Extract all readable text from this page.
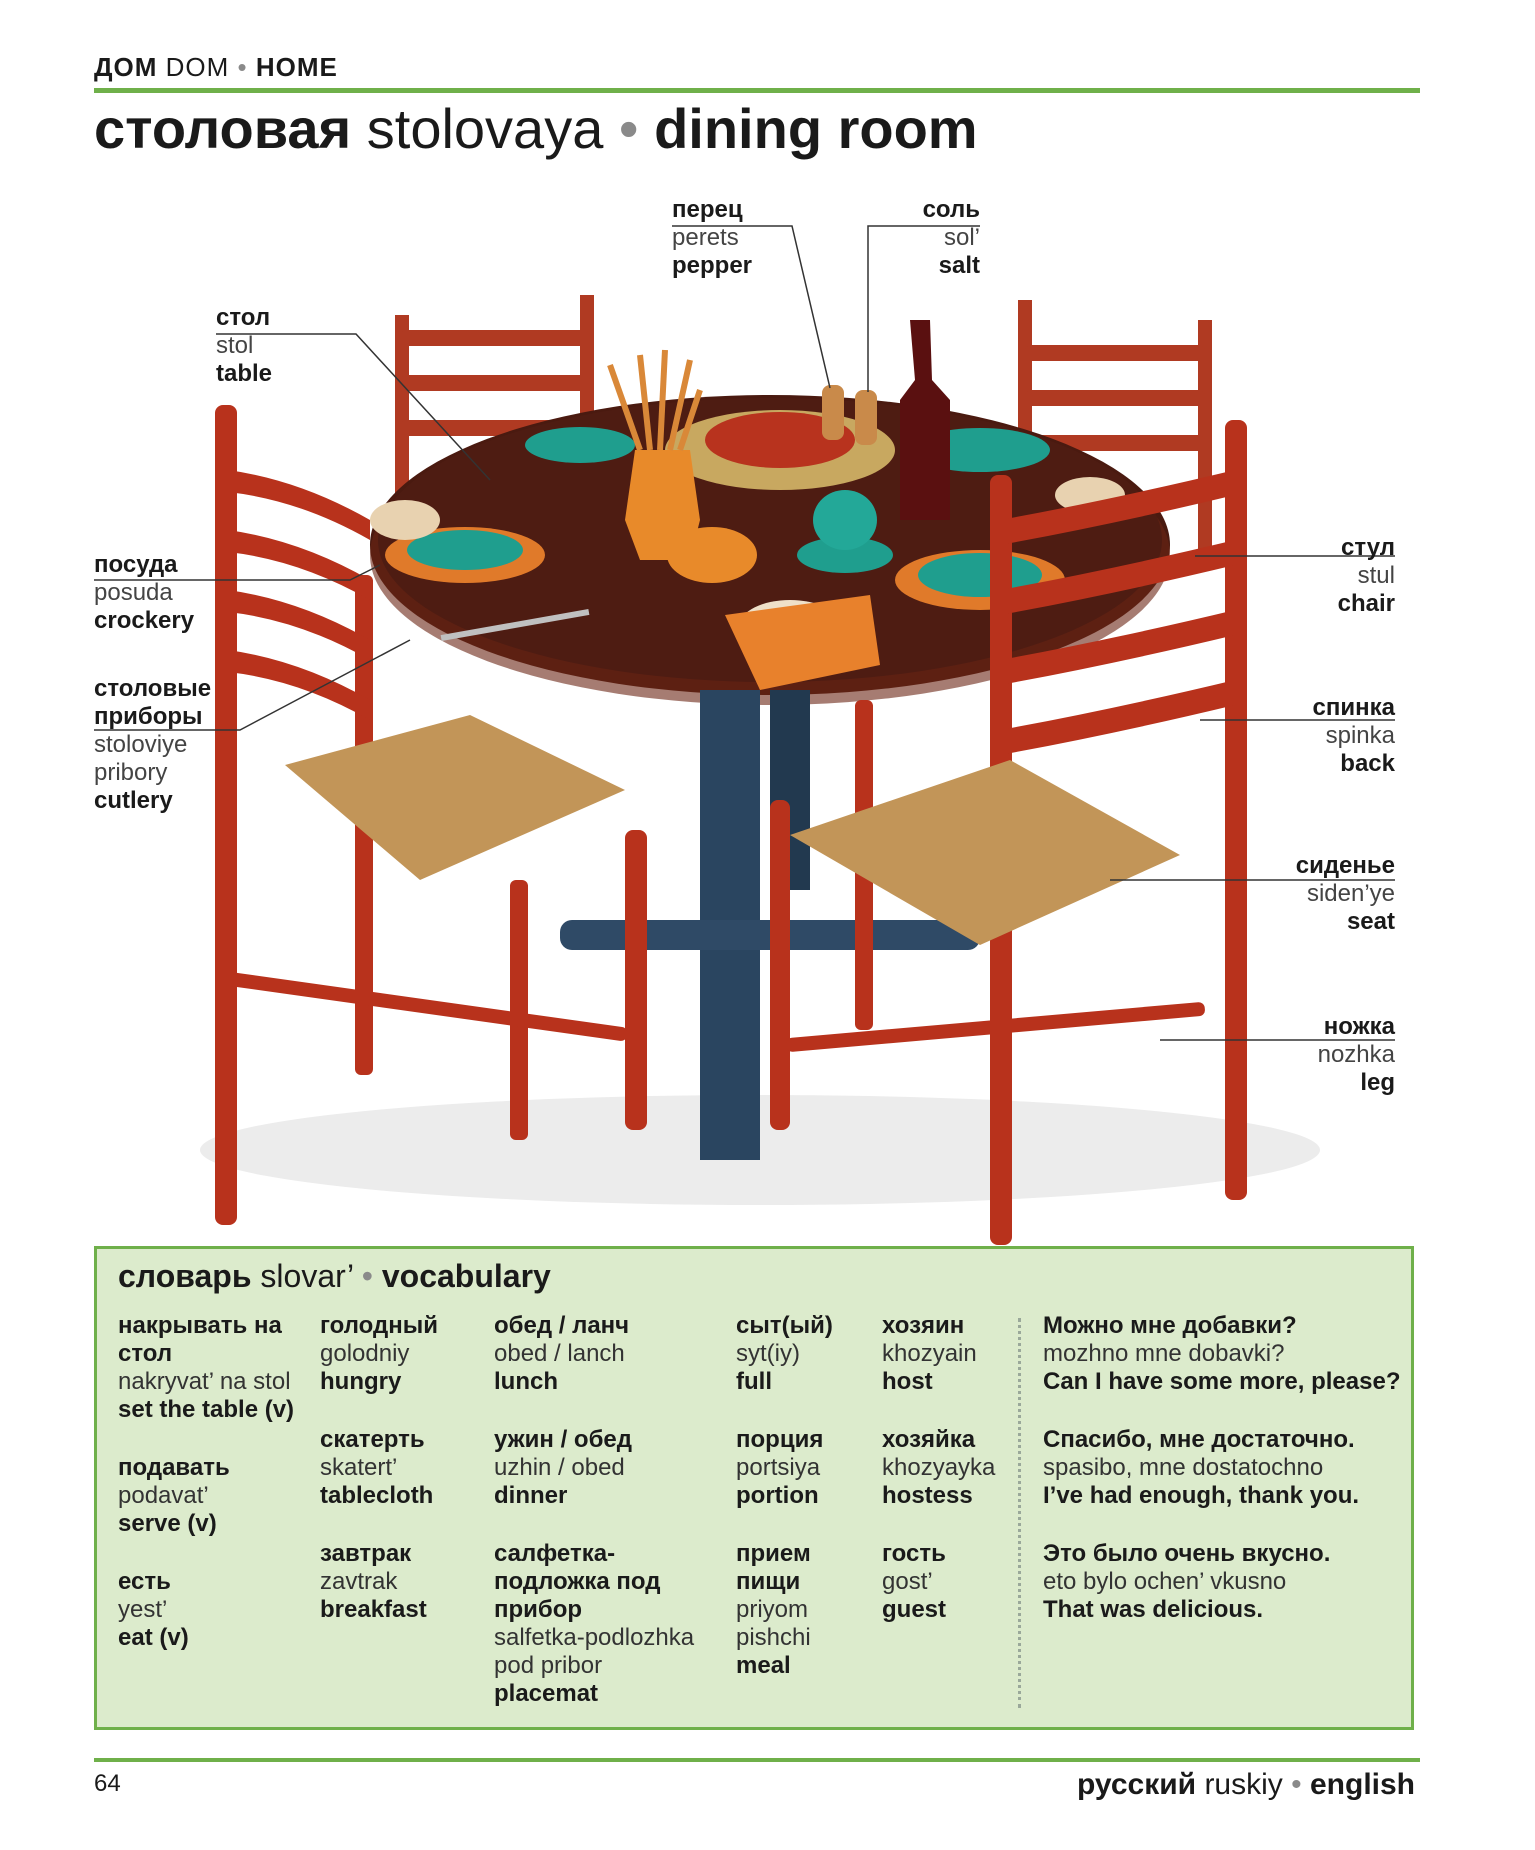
ДОМ DOM • HOME
столовая stolovaya • dining room
перец
perets
pepper
соль
sol’
salt
стол
stol
table
посуда
posuda
crockery
столовые
приборы
stoloviye
pribory
cutlery
стул
stul
chair
спинка
spinka
back
сиденье
siden’ye
seat
ножка
nozhka
leg
словарь slovar’ • vocabulary
накрывать на стол
nakryvat’ na stol
set the table (v)
подавать
podavat’
serve (v)
есть
yest’
eat (v)
голодный
golodniy
hungry
скатерть
skatert’
tablecloth
завтрак
zavtrak
breakfast
обед / ланч
obed / lanch
lunch
ужин / обед
uzhin / obed
dinner
салфетка-подложка под прибор
salfetka-podlozhka pod pribor
placemat
сыт(ый)
syt(iy)
full
порция
portsiya
portion
прием пищи
priyom pishchi
meal
хозяин
khozyain
host
хозяйка
khozyayka
hostess
гость
gost’
guest
Можно мне добавки?
mozhno mne dobavki?
Can I have some more, please?
Спасибо, мне достаточно.
spasibo, mne dostatochno
I’ve had enough, thank you.
Это было очень вкусно.
eto bylo ochen’ vkusno
That was delicious.
64	русский ruskiy • english
